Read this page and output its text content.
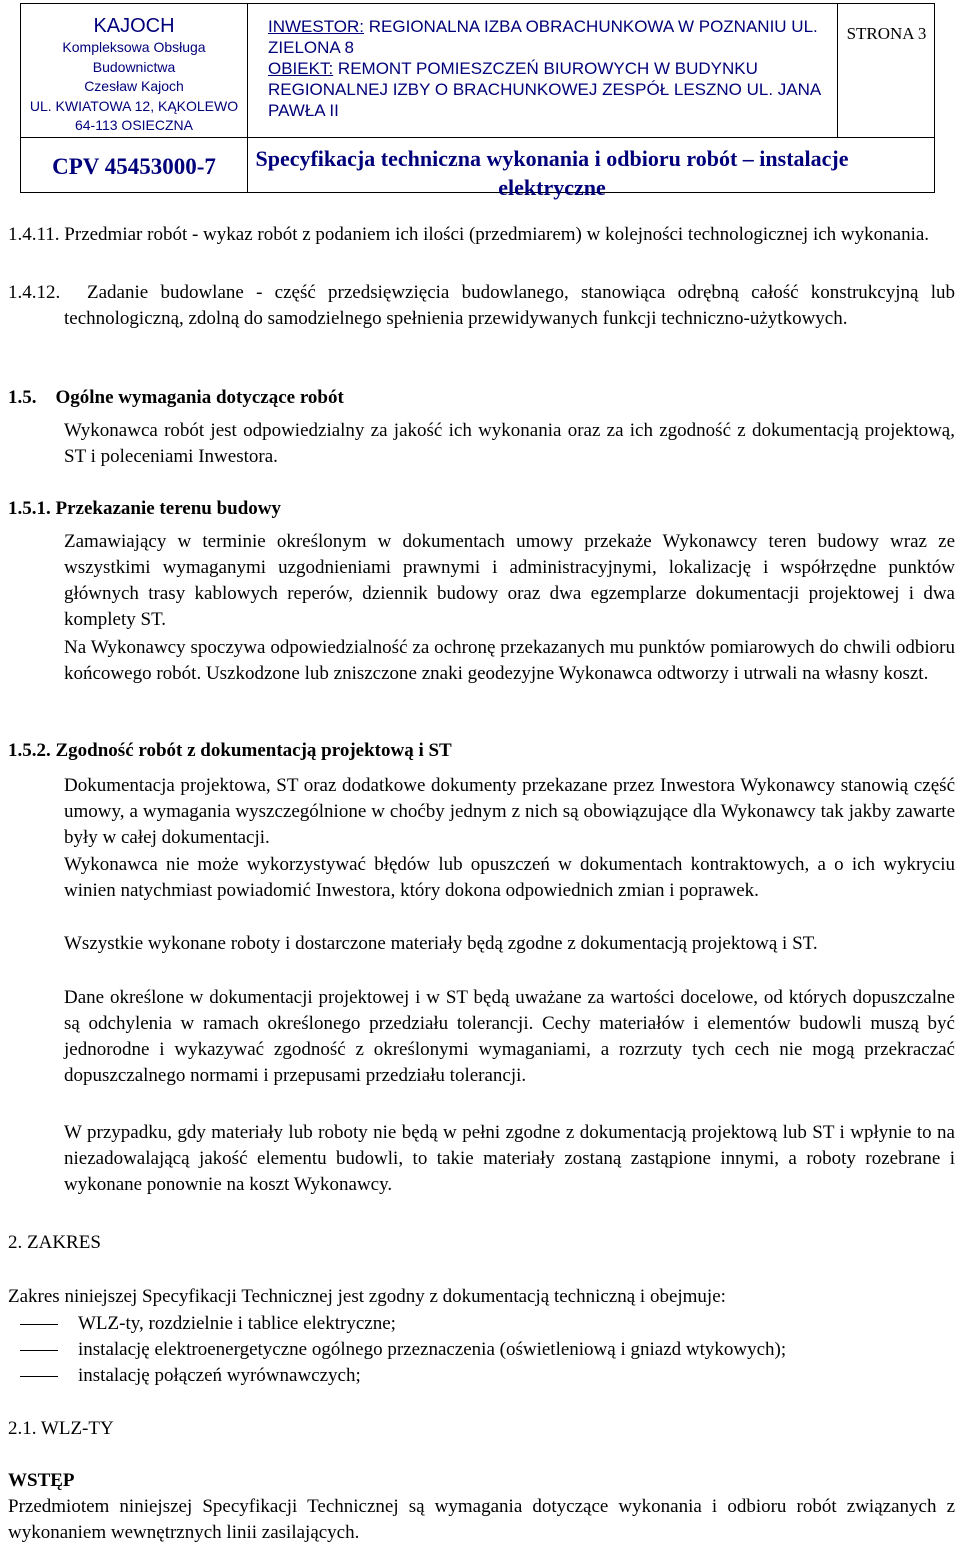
KAJOCH
Kompleksowa Obsługa
Budownictwa
Czesław Kajoch
UL. KWIATOWA 12, KĄKOLEWO
64-113 OSIECZNA
INWESTOR: REGIONALNA IZBA OBRACHUNKOWA W POZNANIU UL. ZIELONA 8
OBIEKT: REMONT POMIESZCZEŃ BIUROWYCH W BUDYNKU REGIONALNEJ IZBY O BRACHUNKOWEJ ZESPÓŁ LESZNO UL. JANA PAWŁA II
STRONA 3
CPV 45453000-7	Specyfikacja techniczna wykonania i odbioru robót – instalacje elektryczne
1.4.11. Przedmiar robót - wykaz robót z podaniem ich ilości (przedmiarem) w kolejności technologicznej ich wykonania.
1.4.12.	Zadanie budowlane - część przedsięwzięcia budowlanego, stanowiąca odrębną całość konstrukcyjną lub technologiczną, zdolną do samodzielnego spełnienia przewidywanych funkcji techniczno-użytkowych.
1.5.    Ogólne wymagania dotyczące robót
Wykonawca robót jest odpowiedzialny za jakość ich wykonania oraz za ich zgodność z dokumentacją projektową, ST i poleceniami Inwestora.
1.5.1. Przekazanie terenu budowy
Zamawiający w terminie określonym w dokumentach umowy przekaże Wykonawcy teren budowy wraz ze wszystkimi wymaganymi uzgodnieniami prawnymi i administracyjnymi, lokalizację i współrzędne punktów głównych trasy kablowych reperów, dziennik budowy oraz dwa egzemplarze dokumentacji projektowej i dwa komplety ST.
Na Wykonawcy spoczywa odpowiedzialność za ochronę przekazanych mu punktów pomiarowych do chwili odbioru końcowego robót. Uszkodzone lub zniszczone znaki geodezyjne Wykonawca odtworzy i utrwali na własny koszt.
1.5.2. Zgodność robót z dokumentacją projektową i ST
Dokumentacja projektowa, ST oraz dodatkowe dokumenty przekazane przez Inwestora Wykonawcy stanowią część umowy, a wymagania wyszczególnione w choćby jednym z nich są obowiązujące dla Wykonawcy tak jakby zawarte były w całej dokumentacji.
Wykonawca nie może wykorzystywać błędów lub opuszczeń w dokumentach kontraktowych, a o ich wykryciu winien natychmiast powiadomić Inwestora, który dokona odpowiednich zmian i poprawek.
Wszystkie wykonane roboty i dostarczone materiały będą zgodne z dokumentacją projektową i ST.
Dane określone w dokumentacji projektowej i w ST będą uważane za wartości docelowe, od których dopuszczalne są odchylenia w ramach określonego przedziału tolerancji. Cechy materiałów i elementów budowli muszą być jednorodne i wykazywać zgodność z określonymi wymaganiami, a rozrzuty tych cech nie mogą przekraczać dopuszczalnego normami i przepusami przedziału tolerancji.
W przypadku, gdy materiały lub roboty nie będą w pełni zgodne z dokumentacją projektową lub ST i wpłynie to na niezadowalającą jakość elementu budowli, to takie materiały zostaną zastąpione innymi, a roboty rozebrane i wykonane ponownie na koszt Wykonawcy.
2. ZAKRES
Zakres niniejszej Specyfikacji Technicznej jest zgodny z dokumentacją techniczną i obejmuje:
WLZ-ty, rozdzielnie i tablice elektryczne;
instalację elektroenergetyczne ogólnego przeznaczenia (oświetleniową i gniazd wtykowych);
instalację połączeń wyrównawczych;
2.1. WLZ-TY
WSTĘP
Przedmiotem niniejszej Specyfikacji Technicznej są wymagania dotyczące wykonania i odbioru robót związanych z wykonaniem wewnętrznych linii zasilających.
